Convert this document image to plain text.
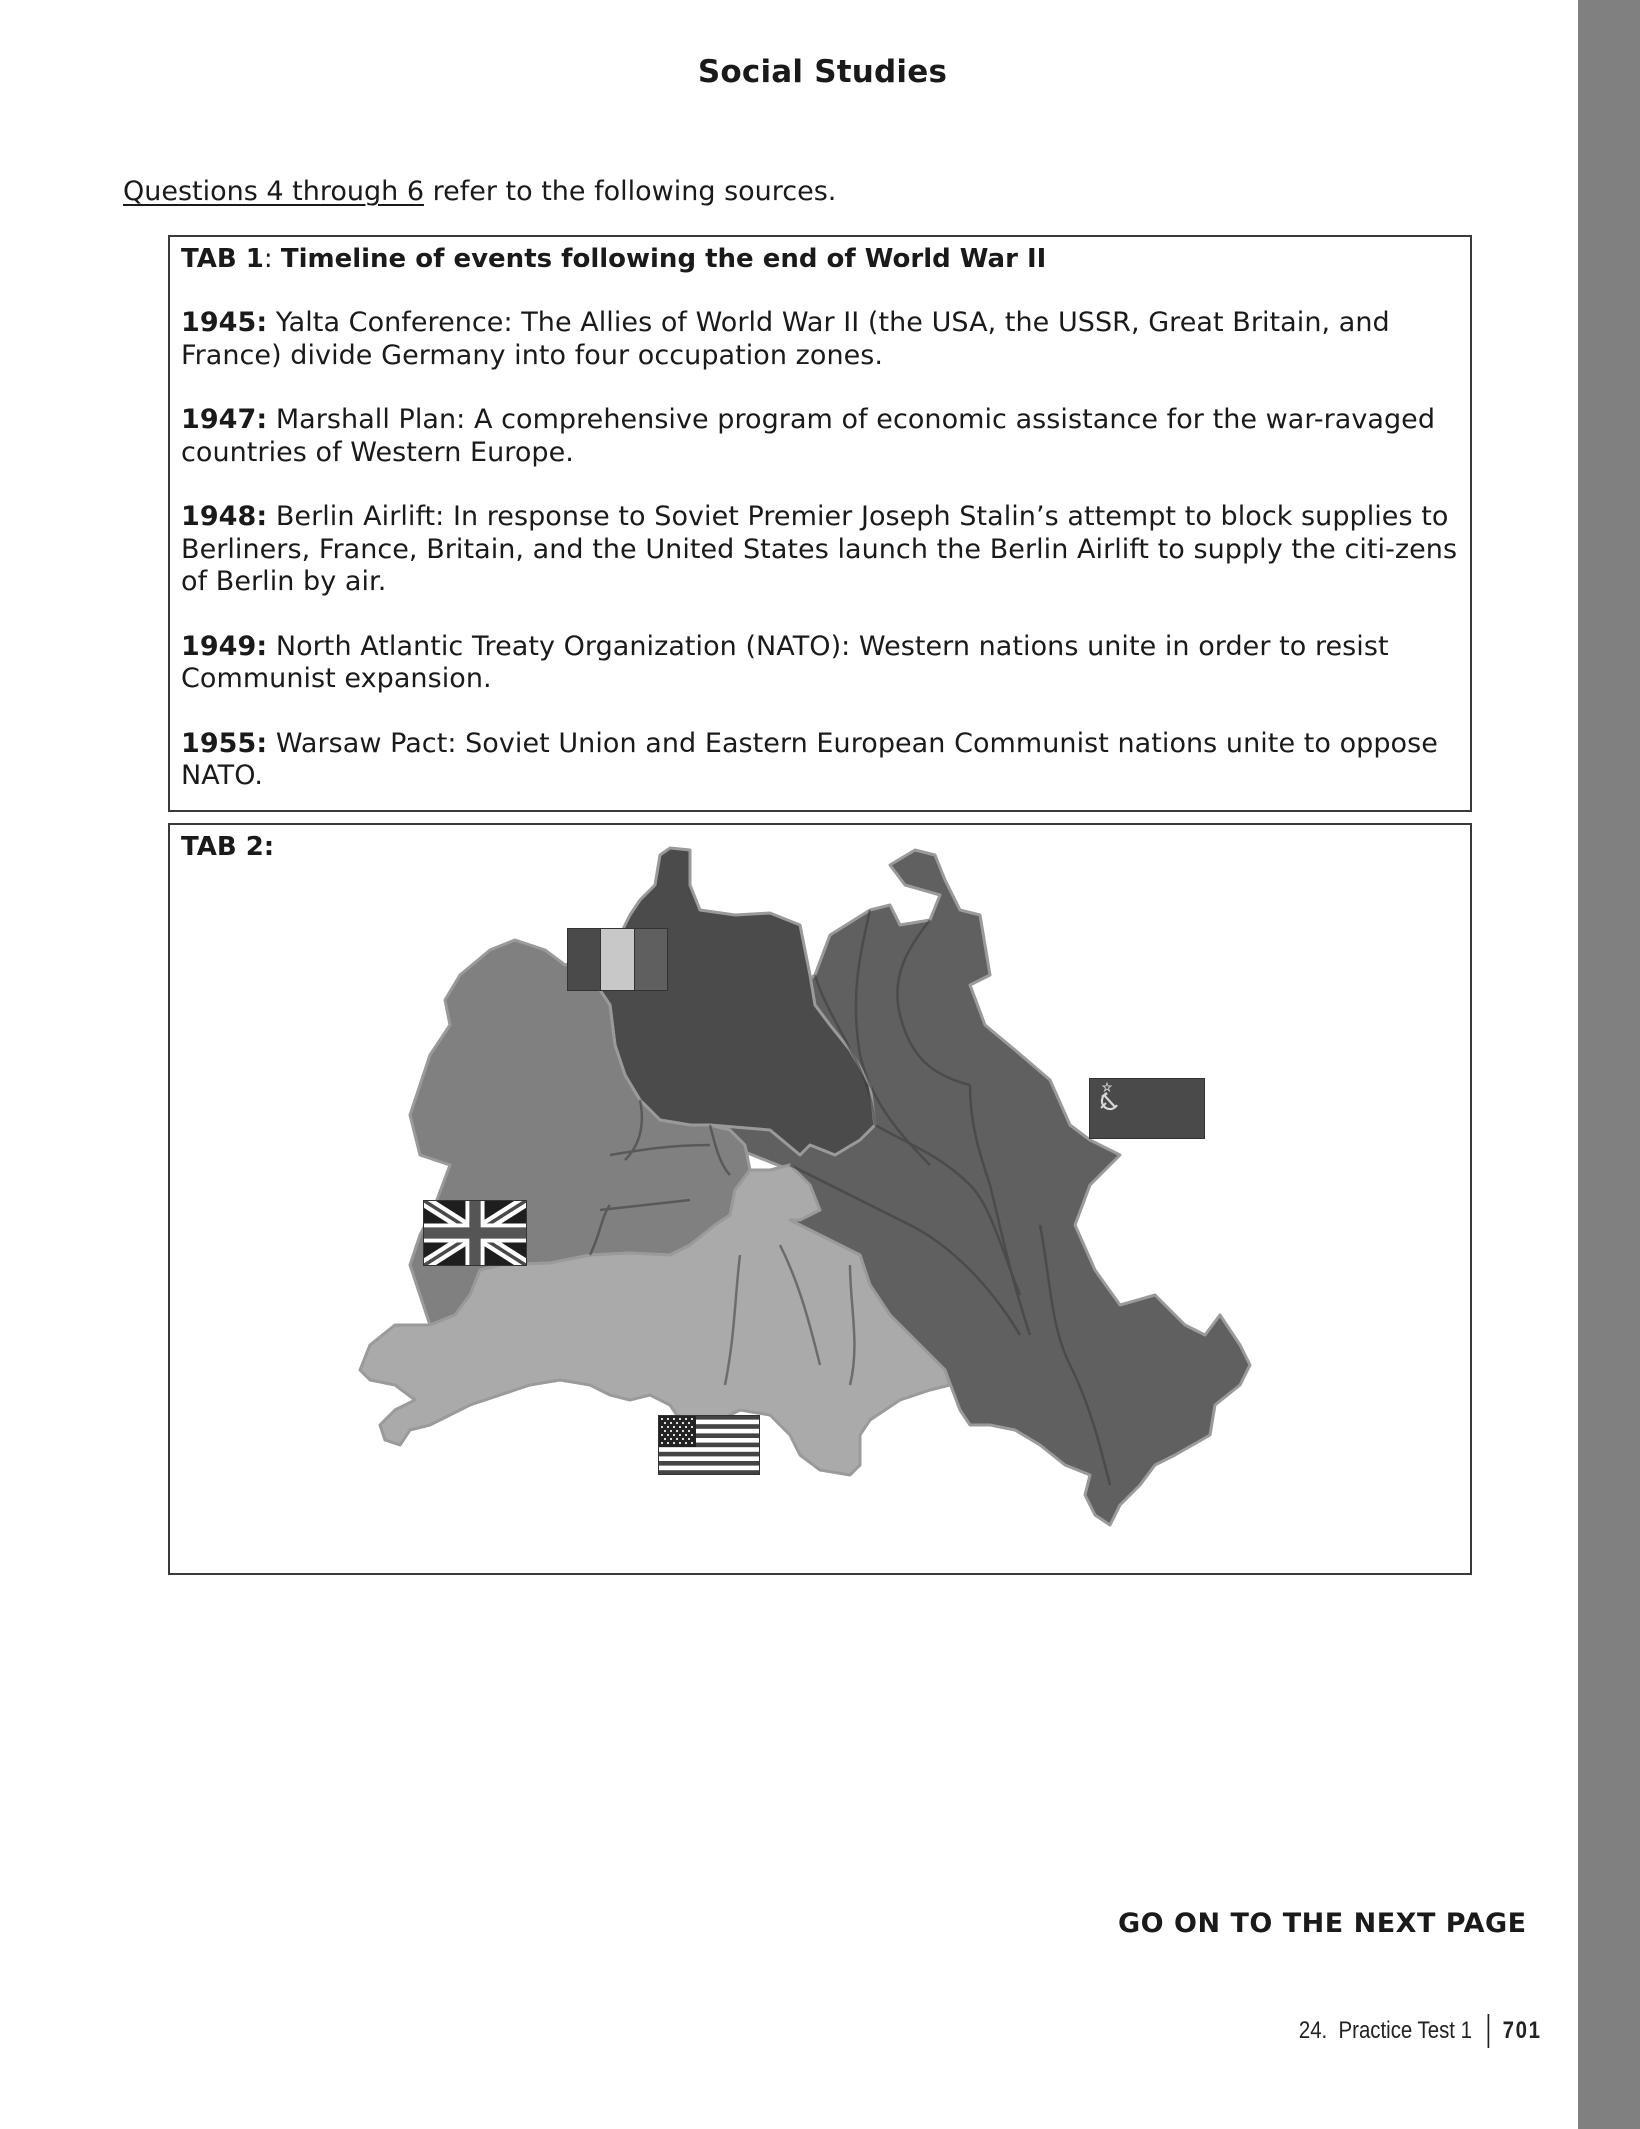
Social Studies
Questions 4 through 6 refer to the following sources.
TAB 1: Timeline of events following the end of World War II
1945: Yalta Conference: The Allies of World War II (the USA, the USSR, Great Britain, and France) divide Germany into four occupation zones.
1947: Marshall Plan: A comprehensive program of economic assistance for the war-ravaged countries of Western Europe.
1948: Berlin Airlift: In response to Soviet Premier Joseph Stalin’s attempt to block supplies to Berliners, France, Britain, and the United States launch the Berlin Airlift to supply the citi-zens of Berlin by air.
1949: North Atlantic Treaty Organization (NATO): Western nations unite in order to resist Communist expansion.
1955: Warsaw Pact: Soviet Union and Eastern European Communist nations unite to oppose NATO.
TAB 2:
GO ON TO THE NEXT PAGE
24.  Practice Test 1 701
